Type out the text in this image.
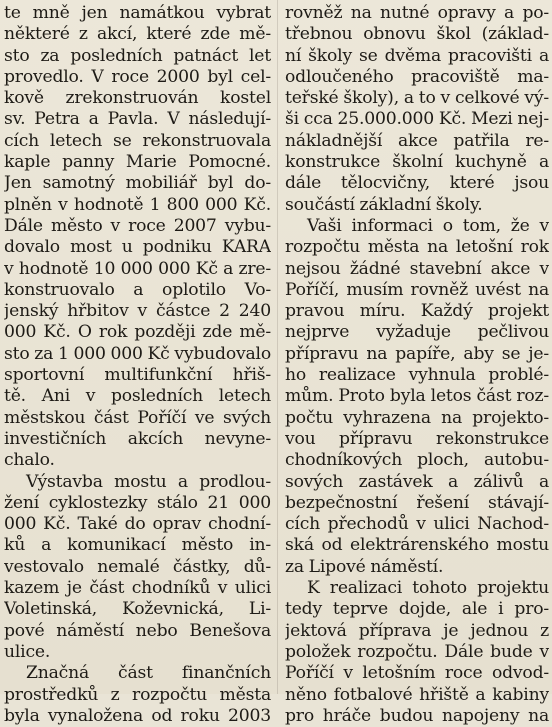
te mně jen namátkou vybrat
některé z akcí, které zde mě-
sto za posledních patnáct let
provedlo. V roce 2000 byl cel-
kově zrekonstruován kostel
sv. Petra a Pavla. V následují-
cích letech se rekonstruovala
kaple panny Marie Pomocné.
Jen samotný mobiliář byl do-
plněn v hodnotě 1 800 000 Kč.
Dále město v roce 2007 vybu-
dovalo most u podniku KARA
v hodnotě 10 000 000 Kč a zre-
konstruovalo a oplotilo Vo-
jenský hřbitov v částce 2 240
000 Kč. O rok později zde mě-
sto za 1 000 000 Kč vybudovalo
sportovní multifunkční hřiš-
tě. Ani v posledních letech
městskou část Poříčí ve svých
investičních akcích nevyne-
chalo.
Výstavba mostu a prodlou-
žení cyklostezky stálo 21 000
000 Kč. Také do oprav chodní-
ků a komunikací město in-
vestovalo nemalé částky, dů-
kazem je část chodníků v ulici
Voletinská, Koževnická, Li-
pové náměstí nebo Benešova
ulice.
Značná část finančních
prostředků z rozpočtu města
byla vynaložena od roku 2003
rovněž na nutné opravy a po-
třebnou obnovu škol (základ-
ní školy se dvěma pracovišti a
odloučeného pracoviště ma-
teřské školy), a to v celkové vý-
ši cca 25.000.000 Kč. Mezi nej-
nákladnější akce patřila re-
konstrukce školní kuchyně a
dále tělocvičny, které jsou
součástí základní školy.
Vaši informaci o tom, že v
rozpočtu města na letošní rok
nejsou žádné stavební akce v
Poříčí, musím rovněž uvést na
pravou míru. Každý projekt
nejprve vyžaduje pečlivou
přípravu na papíře, aby se je-
ho realizace vyhnula problé-
mům. Proto byla letos část roz-
počtu vyhrazena na projekto-
vou přípravu rekonstrukce
chodníkových ploch, autobu-
sových zastávek a zálivů a
bezpečnostní řešení stávají-
cích přechodů v ulici Nachod-
ská od elektrárenského mostu
za Lipové náměstí.
K realizaci tohoto projektu
tedy teprve dojde, ale i pro-
jektová příprava je jednou z
položek rozpočtu. Dále bude v
Poříčí v letošním roce odvod-
něno fotbalové hřiště a kabiny
pro hráče budou napojeny na
